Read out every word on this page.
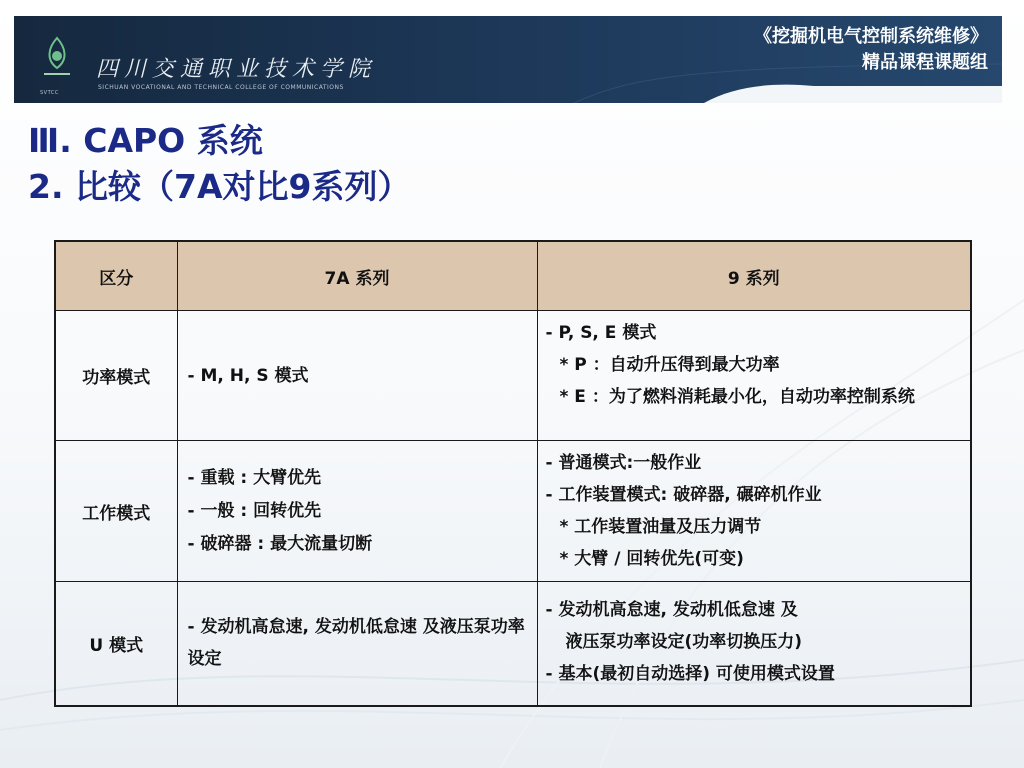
SVTCC
四川交通职业技术学院
SICHUAN VOCATIONAL AND TECHNICAL COLLEGE OF COMMUNICATIONS
《挖掘机电气控制系统维修》
精品课程课题组
Ⅲ. CAPO 系统
2. 比较（7A对比9系列）
区分	7A 系列	9 系列
功率模式	- M, H, S 模式	- P, S, E 模式
* P ：自动升压得到最大功率
* E ：为了燃料消耗最小化，自动功率控制系统

工作模式	- 重载 : 大臂优先
- 一般 : 回转优先
- 破碎器 : 最大流量切断	- 普通模式:一般作业
- 工作装置模式: 破碎器, 碾碎机作业
* 工作装置油量及压力调节
* 大臂 / 回转优先(可变)

U 模式	- 发动机高怠速, 发动机低怠速 及液压泵功率设定	- 发动机高怠速, 发动机低怠速 及
液压泵功率设定(功率切换压力)
- 基本(最初自动选择) 可使用模式设置
